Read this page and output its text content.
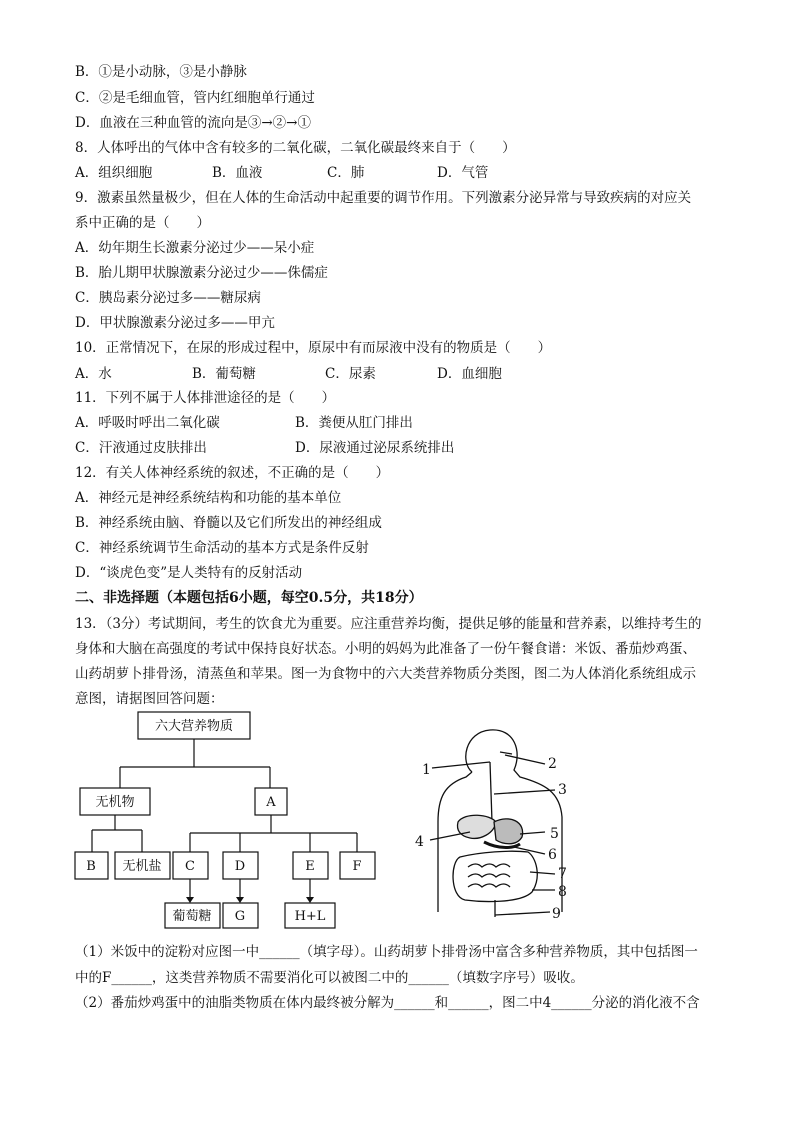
B．①是小动脉，③是小静脉
C．②是毛细血管，管内红细胞单行通过
D．血液在三种血管的流向是③→②→①
8．人体呼出的气体中含有较多的二氧化碳，二氧化碳最终来自于（　　）
A．组织细胞	B．血液	C．肺	D．气管
9．激素虽然量极少，但在人体的生命活动中起重要的调节作用。下列激素分泌异常与导致疾病的对应关
系中正确的是（　　）
A．幼年期生长激素分泌过少——呆小症
B．胎儿期甲状腺激素分泌过少——侏儒症
C．胰岛素分泌过多——糖尿病
D．甲状腺激素分泌过多——甲亢
10．正常情况下，在尿的形成过程中，原尿中有而尿液中没有的物质是（　　）
A．水	B．葡萄糖	C．尿素	D．血细胞
11．下列不属于人体排泄途径的是（　　）
A．呼吸时呼出二氧化碳	B．粪便从肛门排出
C．汗液通过皮肤排出	D．尿液通过泌尿系统排出
12．有关人体神经系统的叙述，不正确的是（　　）
A．神经元是神经系统结构和功能的基本单位
B．神经系统由脑、脊髓以及它们所发出的神经组成
C．神经系统调节生命活动的基本方式是条件反射
D．“谈虎色变”是人类特有的反射活动
二、非选择题（本题包括6小题，每空0.5分，共18分）
13．（3分）考试期间，考生的饮食尤为重要。应注重营养均衡，提供足够的能量和营养素，以维持考生的
身体和大脑在高强度的考试中保持良好状态。小明的妈妈为此准备了一份午餐食谱：米饭、番茄炒鸡蛋、
山药胡萝卜排骨汤，清蒸鱼和苹果。图一为食物中的六大类营养物质分类图，图二为人体消化系统组成示
意图，请据图回答问题：
六大营养物质
无机物	A
B 无机盐 C	D	E	F
葡萄糖 G	H+L
1	2
3
4	5
6
7
8
9
（1）米饭中的淀粉对应图一中______（填字母）。山药胡萝卜排骨汤中富含多种营养物质，其中包括图一
中的F______，这类营养物质不需要消化可以被图二中的______（填数字序号）吸收。
（2）番茄炒鸡蛋中的油脂类物质在体内最终被分解为______和______，图二中4______分泌的消化液不含
